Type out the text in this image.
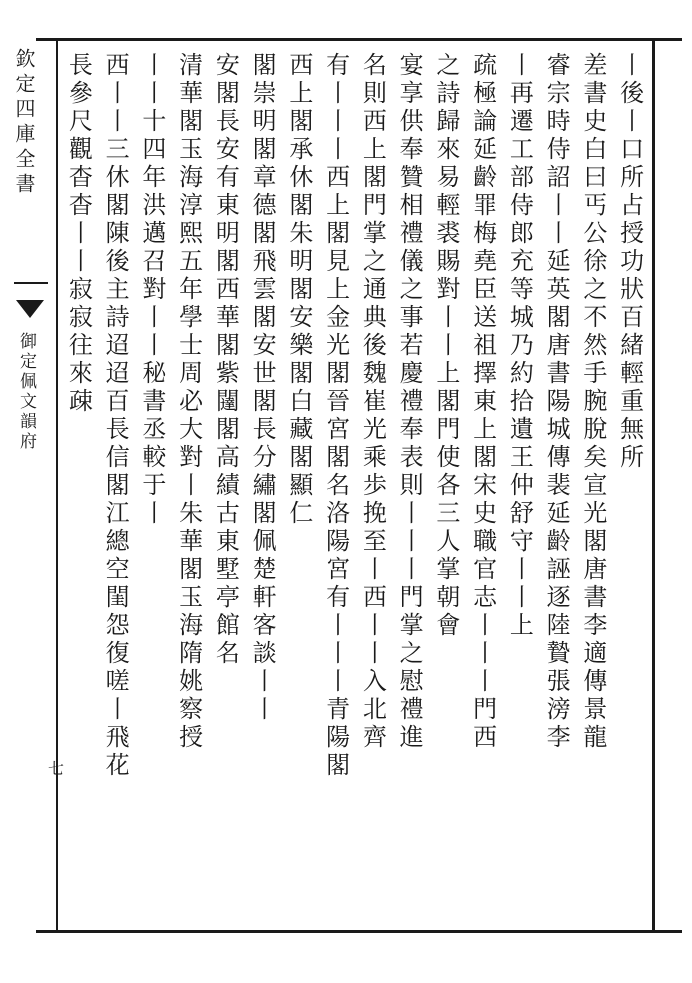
欽定四庫全書
御定佩文韻府
七
丨後丨口所占授功狀百緒輕重無所
差書史白曰丐公徐之不然手腕脫矣宣光閣唐書李適傳景龍
睿宗時侍詔丨丨延英閣唐書陽城傳裴延齡誣逐陸贄張滂李
丨再遷工部侍郎充等城乃約拾遺王仲舒守丨丨上
疏極論延齡罪梅堯臣送祖擇東上閣宋史職官志丨丨丨門西
之詩歸來易輕裘賜對丨丨上閣門使各三人掌朝會
宴享供奉贊相禮儀之事若慶禮奉表則丨丨丨門掌之慰禮進
名則西上閣門掌之通典後魏崔光乘歩挽至丨西丨丨入北齊
有丨丨丨西上閣見上金光閣晉宮閣名洛陽宮有丨丨丨青陽閣
西上閣承休閣朱明閣安樂閣白藏閣顯仁
閣崇明閣章德閣飛雲閣安世閣長分繡閣佩楚軒客談丨丨
安閣長安有東明閣西華閣紫闥閣高績古東墅亭館名
清華閣玉海淳熙五年學士周必大對丨朱華閣玉海隋姚察授
丨丨十四年洪邁召對丨丨秘書丞較于丨
西丨丨三休閣陳後主詩迢迢百長信閣江總空閨怨復嗟丨飛花
長參尺觀杳杳丨丨寂寂往來疎
